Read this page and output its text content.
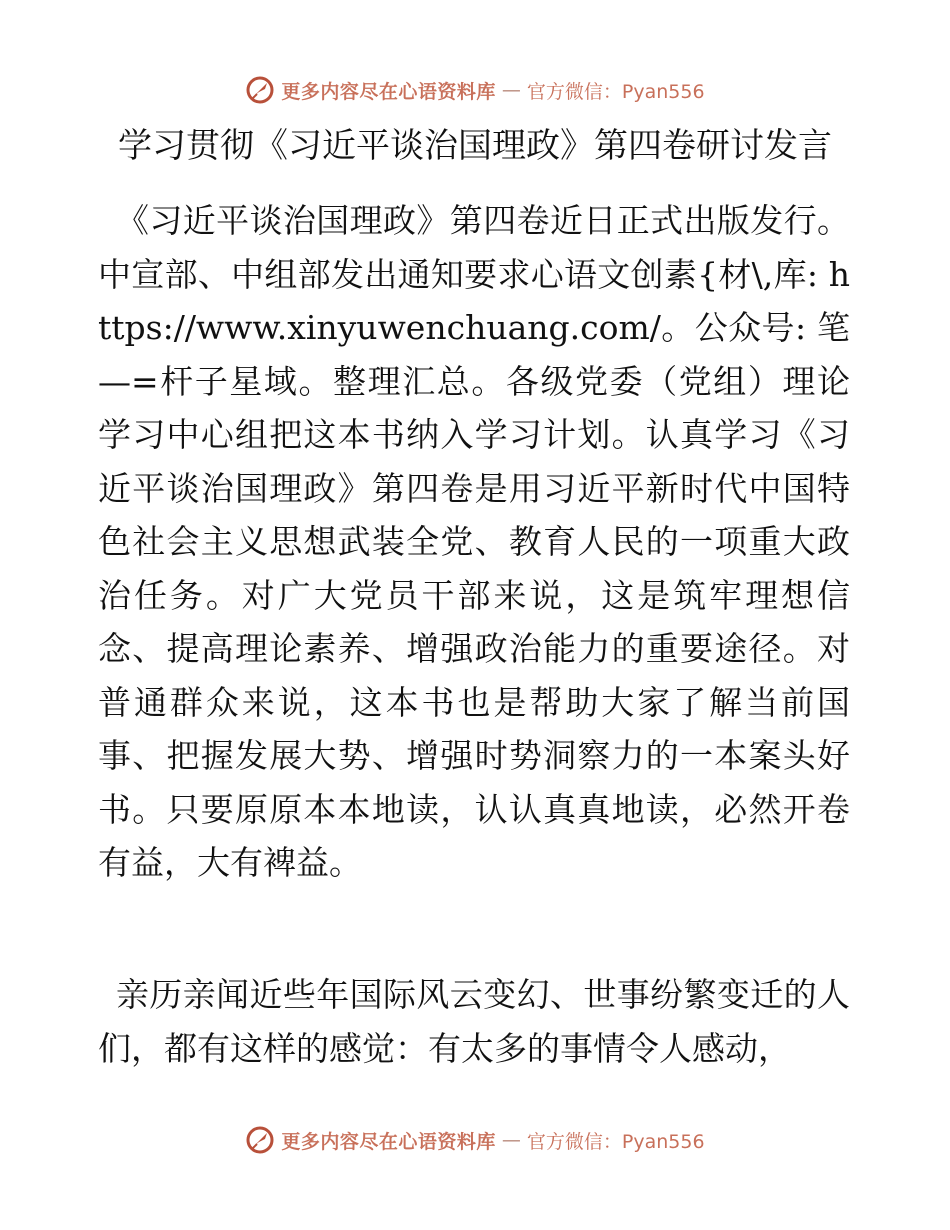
更多内容尽在心语资料库 — 官方微信：Pyan556
学习贯彻《习近平谈治国理政》第四卷研讨发言

《习近平谈治国理政》第四卷近日正式出版发行。中宣部、中组部发出通知要求心语文创素{材\,库: https://www.xinyuwenchuang.com/。公众号: 笔—=杆子星域。整理汇总。各级党委（党组）理论学习中心组把这本书纳入学习计划。认真学习《习近平谈治国理政》第四卷是用习近平新时代中国特色社会主义思想武装全党、教育人民的一项重大政治任务。对广大党员干部来说，这是筑牢理想信念、提高理论素养、增强政治能力的重要途径。对普通群众来说，这本书也是帮助大家了解当前国事、把握发展大势、增强时势洞察力的一本案头好书。只要原原本本地读，认认真真地读，必然开卷有益，大有裨益。

亲历亲闻近些年国际风云变幻、世事纷繁变迁的人们，都有这样的感觉：有太多的事情令人感动，

更多内容尽在心语资料库 — 官方微信：Pyan556
